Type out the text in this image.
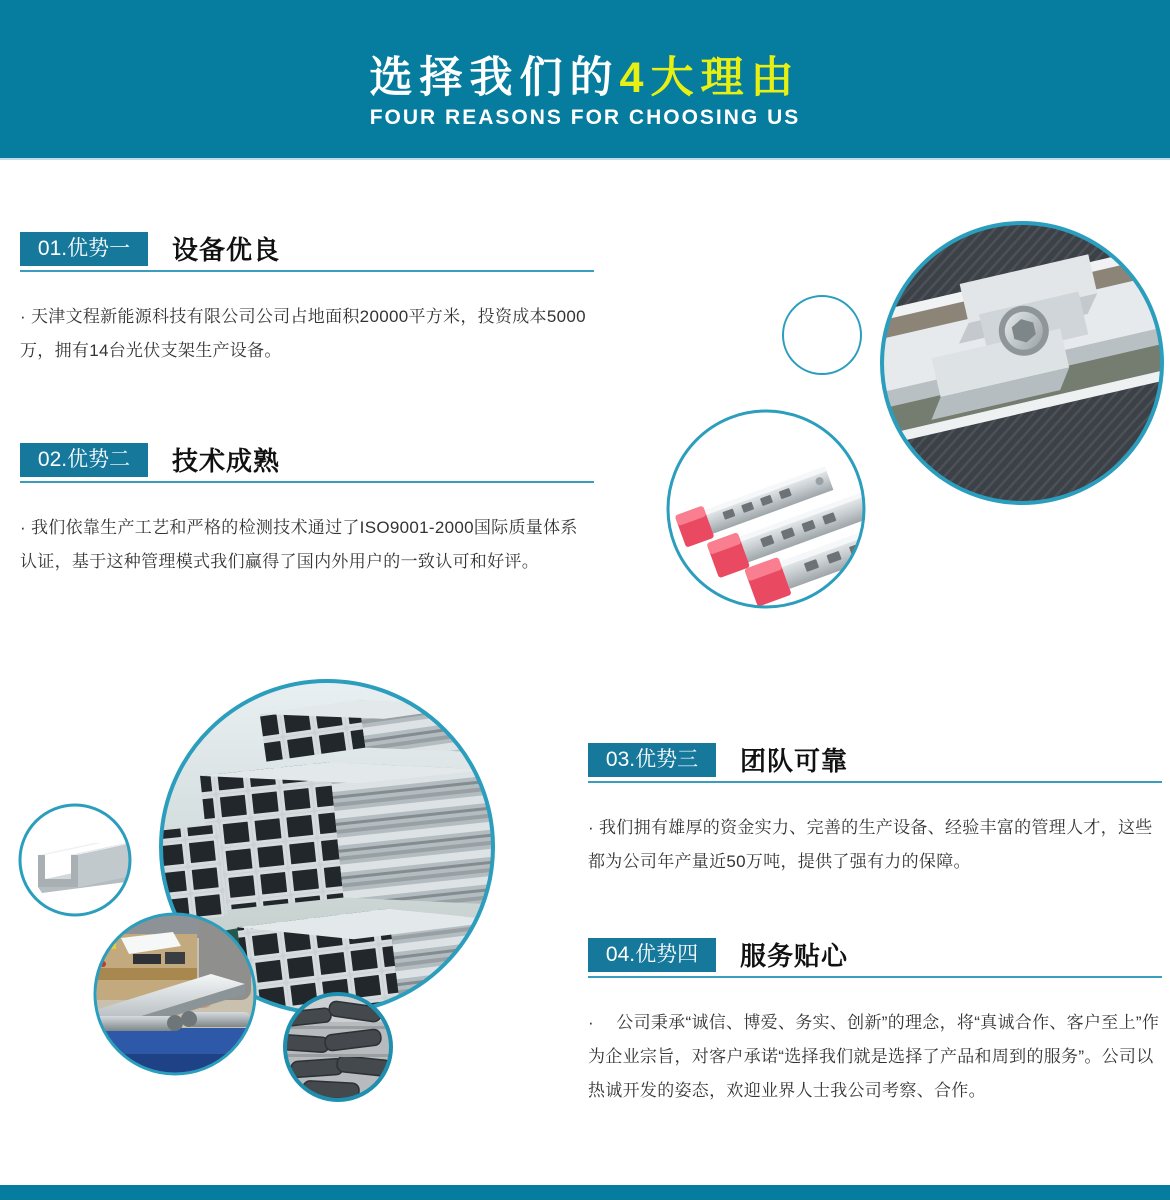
选择我们的4大理由
FOUR REASONS FOR CHOOSING US
01.优势一	设备优良

· 天津文程新能源科技有限公司公司占地面积20000平方米，投资成本5000万，拥有14台光伏支架生产设备。

02.优势二	技术成熟

· 我们依靠生产工艺和严格的检测技术通过了ISO9001-2000国际质量体系认证，基于这种管理模式我们赢得了国内外用户的一致认可和好评。

03.优势三	团队可靠

· 我们拥有雄厚的资金实力、完善的生产设备、经验丰富的管理人才，这些都为公司年产量近50万吨，提供了强有力的保障。

04.优势四	服务贴心

·　 公司秉承“诚信、博爱、务实、创新”的理念，将“真诚合作、客户至上”作为企业宗旨，对客户承诺“选择我们就是选择了产品和周到的服务”。公司以热诚开发的姿态，欢迎业界人士我公司考察、合作。
